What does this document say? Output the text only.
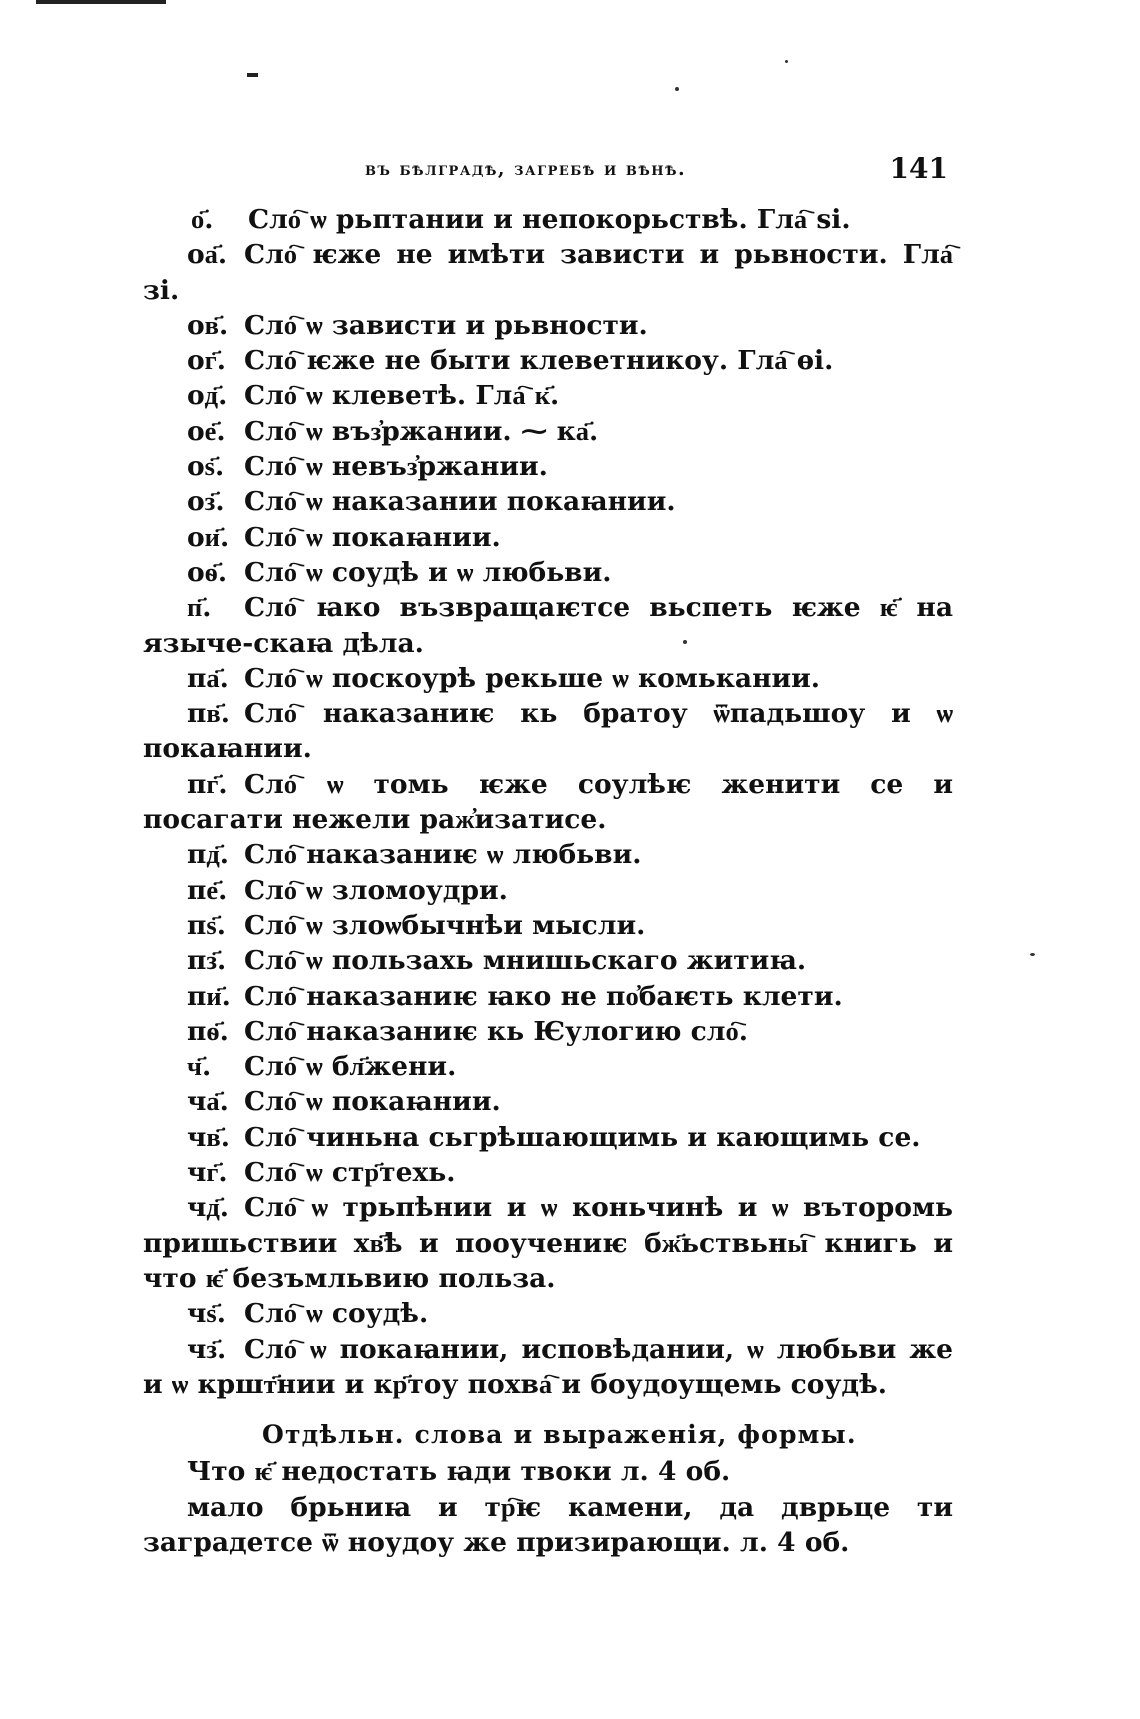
въ бѣлградѣ, загребѣ и вѣнѣ.	141
о҃. Сло҇ ѡ рьптании и непокорьствѣ. Гла҇ ѕі.
оа҃. Сло҇ ѥже не имѣти зависти и рьвности. Гла҇ зі.
ов҃. Сло҇ ѡ зависти и рьвности.
ог҃. Сло҇ ѥже не быти клеветникоу. Гла҇ ѳі.
од҃. Сло҇ ѡ клеветѣ. Гла҇ к҃.
ое҃. Сло҇ ѡ въз҆ржании. ⁓ ка҃.
оѕ҃. Сло҇ ѡ невъз҆ржании.
оз҃. Сло҇ ѡ наказании покаꙗнии.
ои҃. Сло҇ ѡ покаꙗнии.
оѳ҃. Сло҇ ѡ соудѣ и ѡ любьви.
п҃. Сло҇ ꙗко възвращаѥтсе вьспеть ѥже ѥ҃ на языче-скаꙗ дѣла.
па҃. Сло҇ ѡ поскоурѣ рекьше ѡ комькании.
пв҃. Сло҇ наказаниѥ кь братоу ѿпадьшоу и ѡ покаꙗнии.
пг҃. Сло҇ ѡ томь ѥже соулѣѥ женити се и посагати нежели раж҆изатисе.
пд҃. Сло҇ наказаниѥ ѡ любьви.
пе҃. Сло҇ ѡ зломоудри.
пѕ҃. Сло҇ ѡ злоѡбычнѣи мысли.
пз҃. Сло҇ ѡ пользахь мнишьскаго житиꙗ.
пи҃. Сло҇ наказаниѥ ꙗко не по҆баѥть клети.
пѳ҃. Сло҇ наказаниѥ кь Ѥулогию сло҇.
ч҃. Сло҇ ѡ бл҃жени.
ча҃. Сло҇ ѡ покаꙗнии.
чв҃. Сло҇ чиньна сьгрѣшающимь и кающимь се.
чг҃. Сло҇ ѡ стр҃техь.
чд҃. Сло҇ ѡ трьпѣнии и ѡ коньчинѣ и ѡ въторомь пришьствии хв҃ѣ и пооучениѥ бж҃ьствьны҇ книгь и что ѥ҃ безъмльвию польза.
чѕ҃. Сло҇ ѡ соудѣ.
чз҃. Сло҇ ѡ покаꙗнии, исповѣдании, ѡ любьви же и ѡ кршт҃нии и кр҃тоу похва҇ и боудоущемь соудѣ.
Отдѣльн. слова и выраженія, формы.

Что ѥ҃ недостать ꙗди твоки л. 4 об.

мало брьниꙗ и тр҇ѥ камени, да дврьце ти заградетсе ѿ ноудоу же призирающи. л. 4 об.
